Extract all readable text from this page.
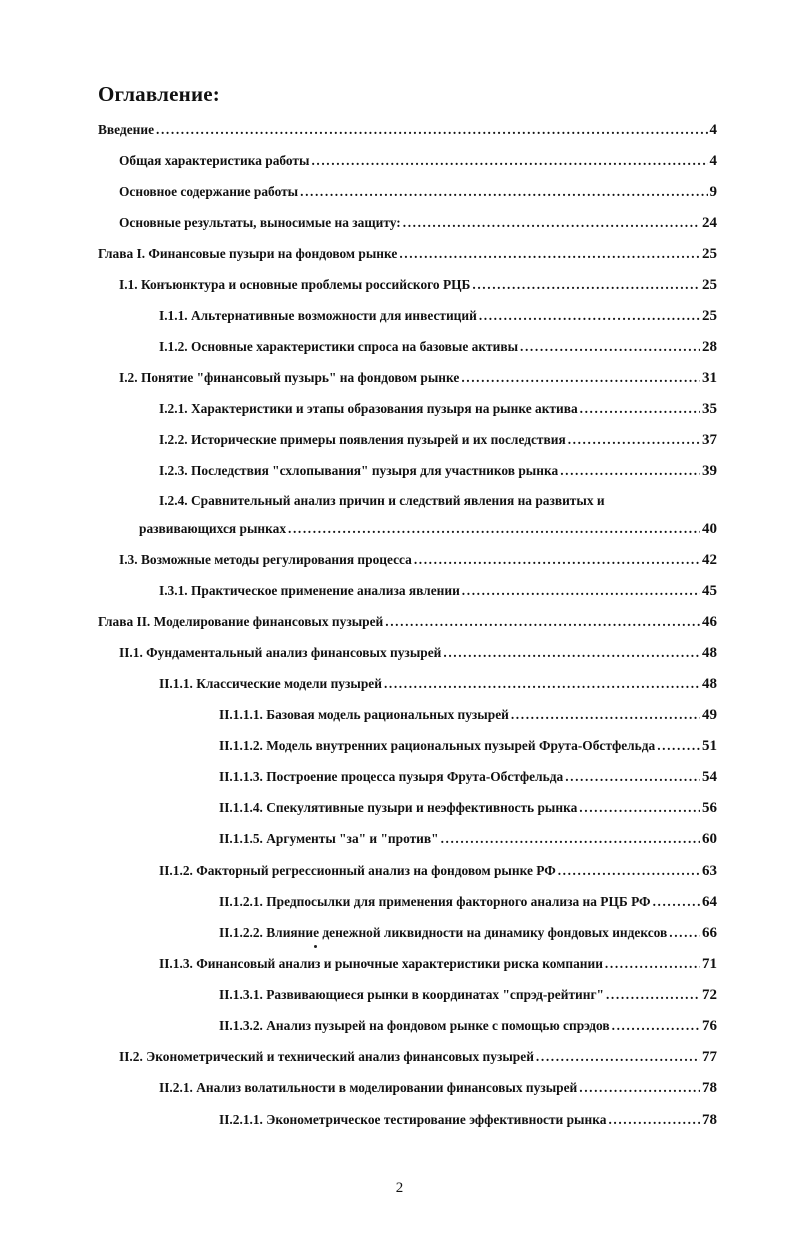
Оглавление:
Введение .....	4
Общая характеристика работы .....	4
Основное содержание работы .....	9
Основные результаты, выносимые на защиту: .....	24
Глава I. Финансовые пузыри на фондовом рынке .....	25
I.1. Конъюнктура и основные проблемы российского РЦБ .....	25
I.1.1. Альтернативные возможности для инвестиций .....	25
I.1.2. Основные характеристики спроса на базовые активы .....	28
I.2. Понятие "финансовый пузырь" на фондовом рынке .....	31
I.2.1. Характеристики и этапы образования пузыря на рынке актива .....	35
I.2.2. Исторические примеры появления пузырей и их последствия .....	37
I.2.3. Последствия "схлопывания" пузыря для участников рынка .....	39
I.2.4. Сравнительный анализ причин и следствий явления на развитых и
развивающихся рынках .....	40
I.3. Возможные методы регулирования процесса .....	42
I.3.1. Практическое применение анализа явлении .....	45
Глава II. Моделирование финансовых пузырей .....	46
II.1. Фундаментальный анализ финансовых пузырей .....	48
II.1.1. Классические модели пузырей .....	48
II.1.1.1. Базовая модель рациональных пузырей .....	49
II.1.1.2. Модель внутренних рациональных пузырей Фрута-Обстфельда .....	51
II.1.1.3. Построение процесса пузыря Фрута-Обстфельда .....	54
II.1.1.4. Спекулятивные пузыри и неэффективность рынка .....	56
II.1.1.5. Аргументы "за" и "против" .....	60
II.1.2. Факторный регрессионный анализ на фондовом рынке РФ .....	63
II.1.2.1. Предпосылки для применения факторного анализа на РЦБ РФ .....	64
II.1.2.2. Влияние денежной ликвидности на динамику фондовых индексов ..... 66
II.1.3. Финансовый анализ и рыночные характеристики риска компании .....	71
II.1.3.1. Развивающиеся рынки в координатах "спрэд-рейтинг" .....	72
II.1.3.2. Анализ пузырей на фондовом рынке с помощью спрэдов .....	76
II.2. Эконометрический и технический анализ финансовых пузырей .....	77
II.2.1. Анализ волатильности в моделировании финансовых пузырей .....	78
II.2.1.1. Эконометрическое тестирование эффективности рынка .....	78
2
